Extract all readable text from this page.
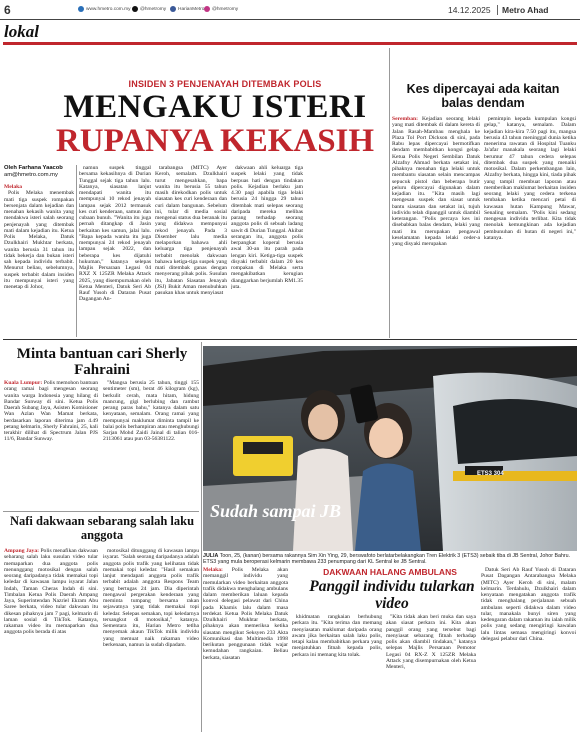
6	www.hmetro.com.my @hmetromy HarianMetro @hmetromy	14.12.2025	Metro Ahad
lokal
INSIDEN 3 PENJENAYAH DITEMBAK POLIS
MENGAKU ISTERI
RUPANYA KEKASIH
Oleh Farhana Yaacob
am@hmetro.com.my
Melaka

Polis Melaka menembak mati tiga suspek rompakan bersenjata dalam kejadian dan menahan kekasih wanita yang mendakwa isteri salah seorang penjenayah yang ditembak mati dalam kejadian itu. Ketua Polis Melaka, Datuk Dzulkhairi Mukhtar berkata, wanita berusia 31 tahun itu tidak bekerja dan bukan isteri sah kepada individu terbabit. Menurut beliau, sebelumnya, suspek terbabit dalam insiden itu mempunyai isteri yang menetap di Johor,

namun suspek tinggal bersama kekasihnya di Durian Tunggal sejak tiga tahun lalu. Katanya, siasatan lanjut mendapati wanita itu mempunyai 10 rekod jenayah lampau sejak 2012 termasuk kes curi kenderaan, samun dan cubaan bunuh. "Wanita itu juga pernah ditangkap di Jasin berkaitan kes samun, jalai lalu. "Bapa kepada wanita itu juga mempunyai 24 rekod jenayah lampau sejak 2022, dan beberapa kes dijatuhi hukuman," katanya selepas Majlis Persaraan Legasi 04 RXZ X 125ZR Melaka Attack 2025, yang disempurnakan oleh Ketua Menteri, Datuk Seri Ab Rauf Yusoh di Dataran Pusat Dagangan An-

tarabangsa (MITC) Ayer Keroh, semalam. Dzulkhairi turut mengesahkan, bapa wanita itu berusia 55 tahun masih direkodkan polis untuk siasatan kes curi kenderaan dan curi dalam bangunan. Sebelum ini, tular di media sosial mengenai status dua beranak itu yang didakwa mempunyai rekod jenayah. Pada 3 Disember lalu media melaporkan bahawa ahli keluarga tiga penjenayah terbabit menolak dakwaan bahawa ketiga-tiga suspek yang mati ditembak ganas dengan menyerang pihak polis. Susulan itu, Jabatan Siasatan Jenayah (JSJ) Bukit Aman menubuhkan pasukan khas untuk menyiasat

dakwaan ahli keluarga tiga suspek lelaki yang tidak berpuas hati dengan tindakan polis. Kejadian berlaku jam 4.30 pagi apabila tiga lelaki berusia 24 hingga 29 tahun ditembak mati selepas seorang daripada mereka melibas parang terhadap seorang anggota polis di sebuah ladang sawit di Durian Tunggal. Akibat serangan itu, anggota polis berpangkat koperal berusia awal 30-an itu parah pada lengan kiri. Ketiga-tiga suspek disyaki terbabit dalam 20 kes rompakan di Melaka serta mengakibatkan kerugian dianggarkan berjumlah RM1.35 juta.

Kes dipercayai ada kaitan balas dendam
Seremban: Kejadian seorang lelaki yang mati ditembak di dalam kereta di Jalan Rasah-Mambau menghala ke Plaza Tol Port Dickson di sini, pada Rabu lepas dipercayai bermotifkan dendam membabitkan kongsi gelap. Ketua Polis Negeri Sembilan Datuk Alzafny Ahmad berkata setakat ini, pihaknya menahan tiga lelaki untuk membantu siasatan selain mencampas sepucuk pistol dan beberapa butir peluru dipercayai digunakan dalam kejadian itu. "Kita masih lagi mengesan suspek dan siasat untuk bantu siasatan dan setakat ini, tujuh individu telah dipanggil untuk diambil keterangan. "Polis percaya kes ini disebabkan balas dendam, lelaki yang mati itu merupakan pengawal keselamatan kepada lelaki ceder-a yang disyaki merupakan

pemimpin kepada kumpulan kongsi gelap," katanya, semalam. Dalam kejadian kira-kira 7.50 pagi itu, mangsa berusia 43 tahun meninggal dunia ketika menerima rawatan di Hospital Tuanku Ja'afar manakala seorang lagi lelaki berumur 47 tahun cedera selepas ditembak dua suspek yang menaiki motosikal. Dalam perkembangan lain, Alzafny berkata, hingga kini, tiada pihak yang tampil membuat laporan atau memberikan maklumat berkaitan insiden seorang lelaki yang cedera terkena tembakan ketika mencari petai di kawasan hutan Kampung Mawar, Senaling semalam. "Polis kini sedang mengesan individu terlibat. Kita tidak menolak kemungkinan ada kejadian pembunuhan di hutan di negeri ini," katanya.

Minta bantuan cari Sherly Fahraini
Kuala Lumpur: Polis memohon bantuan orang ramai bagi mengesan seorang wanita warga Indonesia yang hilang di Bandar Sunway di sini. Ketua Polis Daerah Subang Jaya, Asisten Komisioner Wan Azlan Wan Mamat berkata, berdasarkan laporan diterima jam 4.49 petang kelmarin, Sherly Fahraini, 25, kali terakhir dilihat di Spectrum Jalan PJS 11/6, Bandar Sunway.

"Mangsa berusia 25 tahun, tinggi 155 sentimeter (sm), berat 46 kilogram (kg), berkulit cerah, mata hitam, hidung mancung, gigi berlubing dan rambut perang paras bahu," katanya dalam satu kenyataan, semalam. Orang ramai yang mempunyai maklumat diminta tampil ke balai polis berhampiran atau menghubungi Sarjan Mohd Zaidi Jainal di talian 016-2113061 atau pun 03-56381122.

Nafi dakwaan sebarang salah laku anggota
Ampang Jaya: Polis menafikan dakwaan sebarang salah laku susulan video tular memaparkan dua anggota polis menunggang motosikal dengan salah seorang daripadanya tidak memakai topi keledar di kawasan lampu isyarat Jalan Indah, Taman Cheras Indah di sini. Timbalan Ketua Polis Daerah Ampang Jaya, Superintendan Nazriel Ekram Abu Saree berkata, video tular dakwaan itu dikesan pihaknya jam 7 pagi, kelmarin di laman sosial di TikTok. Katanya, rakaman video itu memaparkan dua anggota polis berada di atas

motosikal ditunggang di kawasan lampu isyarat. "Salah seorang daripadanya adalah anggota polis trafik yang kelihatan tidak memakai topi keledar. "Hasil semakan lanjut mendapati anggota polis trafik terbabit adalah anggota Respons Team yang bertugas 24 jam. Dia diperintah mengawal pergerakan kenderaan yang meminta tumpang bersama rakan sejawatnya yang tidak memakai topi keledar. Selepas semakan, topi keledarnya tersangkut di motosikal," katanya. Sementara itu, Harian Metro tetlha menyemak akaun TikTok milik individu yang memuat naik rakaman video berkenaan, namun ia sudah dipadam.

ETS3 304
Sudah sampai JB
JULIA Toon, 25, (kanan) bersama rakannya Sim Xin Ying, 29, berswafoto berlatarbelakangkan Tren Elektrik 3 (ETS3) sebaik tiba di JB Sentral, Johor Bahru. ETS3 yang mula beroperasi kelmarin membawa 233 penumpang dari KL Sentral ke JB Sentral.
DAKWAAN HALANG AMBULANS
Panggil individu tularkan video
Melaka: Polis Melaka akan memanggil individu yang memularkan video berkaitan anggota trafik didakwa menghalang ambulans dalam memberikan laluan kepada konvoi delegasi pelawat dari China pada Khamis lalu dalam masa terdekat. Ketua Polis Melaka Datuk Dzulkhairi Mukhtar berkata, pihaknya akan memeriksa ketika siasatan mengikut Seksyen 233 Akta Komunikasi dan Multimedia 1998 berikutan penggunaan tidak wajar kemudahan rangkaian. Beliau berkata, siasatan

khidmatan rangkaian berhubung perkara itu. "Kita terima dan memang menyiasatan maklumat daripada orang awam jika berkaitan salah laku polis, tetapi kalau membabitkan perkara yang menjatuhkan fitnah kepada polis, perkara ini memang kita tolak.

"Kita tidak akan beri muka dan saya akan siasat perkara ini. Kita akan panggil orang yang tersebut bagi menyiasat sebarang fitnah terhadap polis akan diambil tindakan," katanya selepas Majlis Persaraan Pemotor Legasi 04 RX-Z X 125ZR Melaka Attack yang disempurnakan oleh Ketua Menteri,

Datuk Seri Ab Rauf Yusoh di Dataran Pusat Dagangan Antarabangsa Melaka (MITC) Ayer Keroh di sini, malam kelmarin. Terdahulu, Dzulkhairi dalam kenyataan mengatakan anggota trafik tidak menghalang perjalanan sebuah ambulans seperti didakwa dalam video tular, manakala bunyi siren yang kedengaran dalam rakaman itu ialah milik polis yang sedang mengiringi kawalan lalu lintas semasa mengiringi konvoi delegasi pelabur dari China.
